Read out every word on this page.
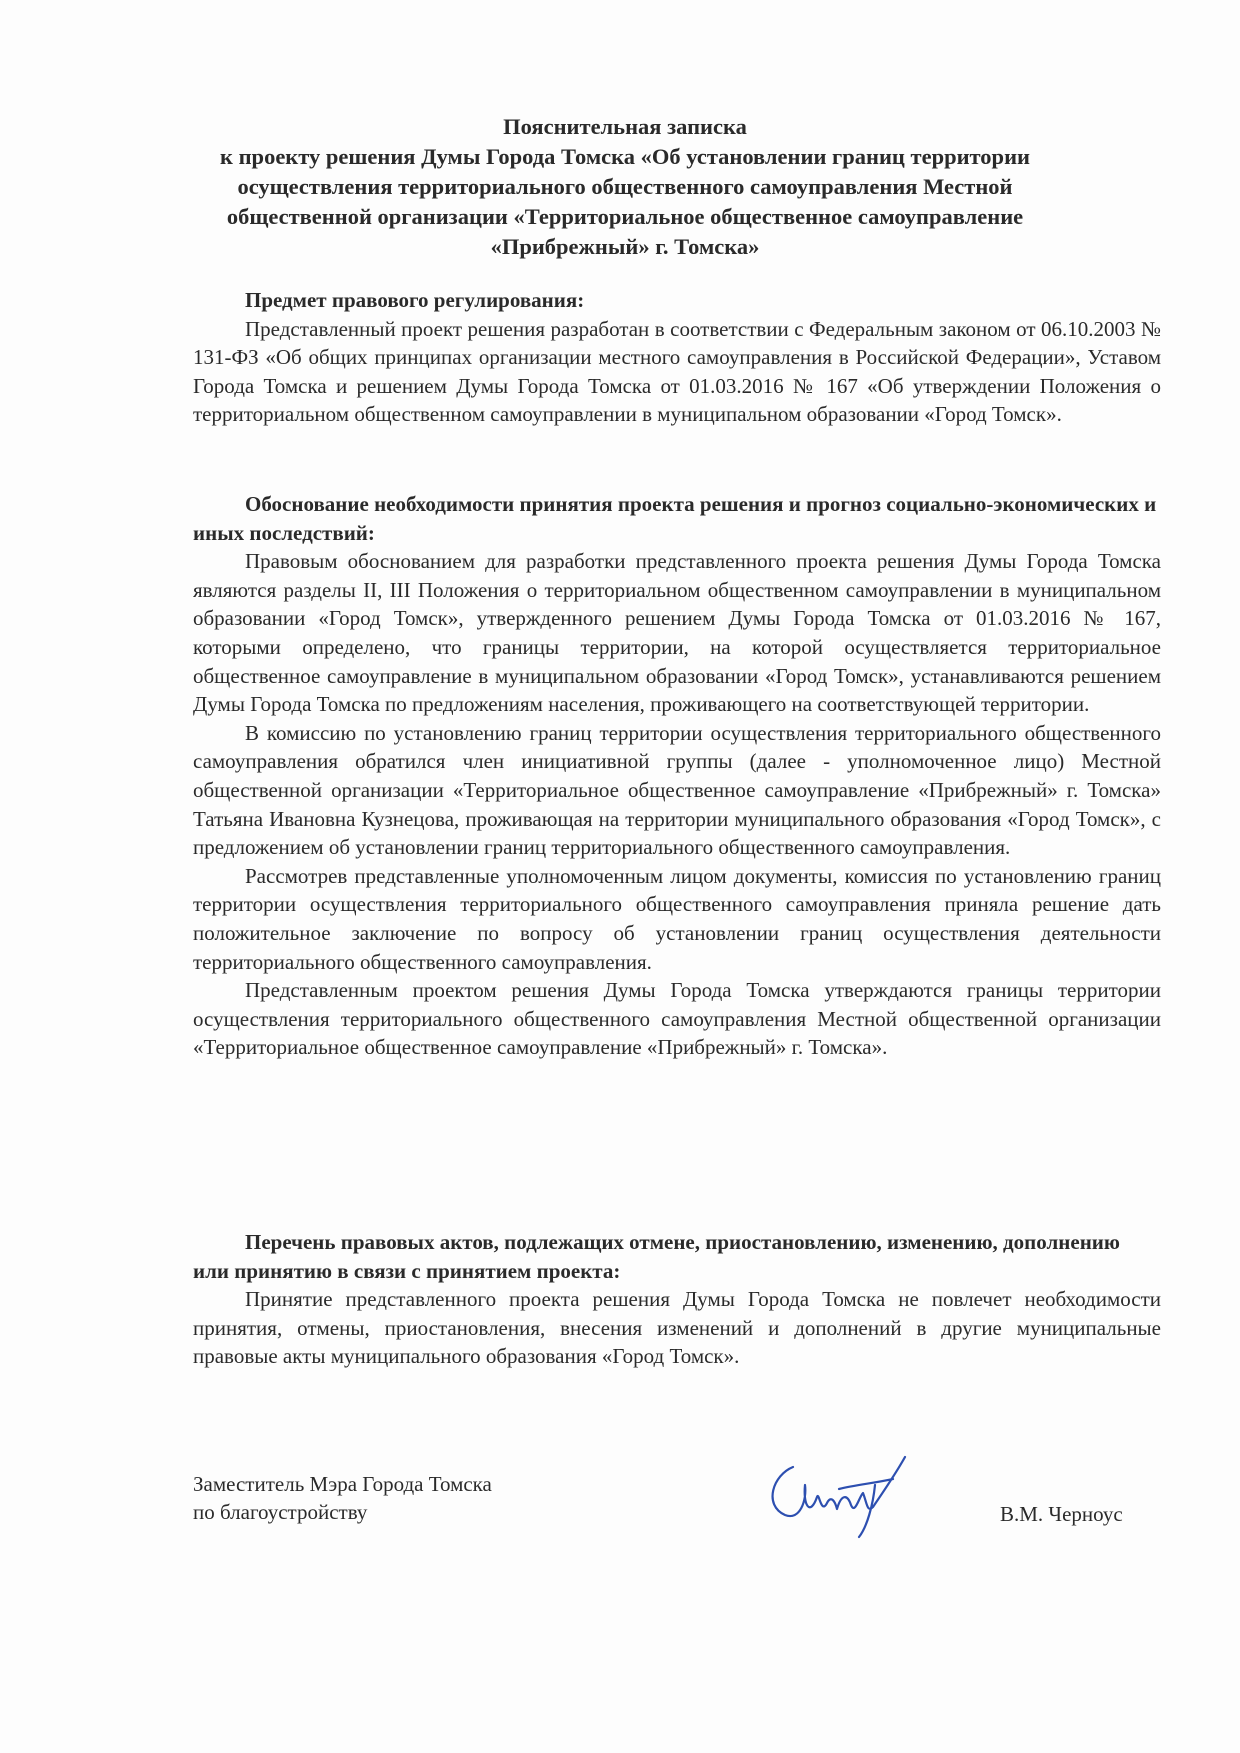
Пояснительная записка
к проекту решения Думы Города Томска «Об установлении границ территории
осуществления территориального общественного самоуправления Местной
общественной организации «Территориальное общественное самоуправление
«Прибрежный» г. Томска»

Предмет правового регулирования:

Представленный проект решения разработан в соответствии с Федеральным законом от 06.10.2003 № 131-ФЗ «Об общих принципах организации местного самоуправления в Российской Федерации», Уставом Города Томска и решением Думы Города Томска от 01.03.2016 № 167 «Об утверждении Положения о территориальном общественном самоуправлении в муниципальном образовании «Город Томск».

Обоснование необходимости принятия проекта решения и прогноз социально-экономических и иных последствий:

Правовым обоснованием для разработки представленного проекта решения Думы Города Томска являются разделы II, III Положения о территориальном общественном самоуправлении в муниципальном образовании «Город Томск», утвержденного решением Думы Города Томска от 01.03.2016 № 167, которыми определено, что границы территории, на которой осуществляется территориальное общественное самоуправление в муниципальном образовании «Город Томск», устанавливаются решением Думы Города Томска по предложениям населения, проживающего на соответствующей территории.

В комиссию по установлению границ территории осуществления территориального общественного самоуправления обратился член инициативной группы (далее - уполномоченное лицо) Местной общественной организации «Территориальное общественное самоуправление «Прибрежный» г. Томска» Татьяна Ивановна Кузнецова, проживающая на территории муниципального образования «Город Томск», с предложением об установлении границ территориального общественного самоуправления.

Рассмотрев представленные уполномоченным лицом документы, комиссия по установлению границ территории осуществления территориального общественного самоуправления приняла решение дать положительное заключение по вопросу об установлении границ осуществления деятельности территориального общественного самоуправления.

Представленным проектом решения Думы Города Томска утверждаются границы территории осуществления территориального общественного самоуправления Местной общественной организации «Территориальное общественное самоуправление «Прибрежный» г. Томска».

Перечень правовых актов, подлежащих отмене, приостановлению, изменению, дополнению или принятию в связи с принятием проекта:

Принятие представленного проекта решения Думы Города Томска не повлечет необходимости принятия, отмены, приостановления, внесения изменений и дополнений в другие муниципальные правовые акты муниципального образования «Город Томск».

Заместитель Мэра Города Томска
по благоустройству	В.М. Черноус
